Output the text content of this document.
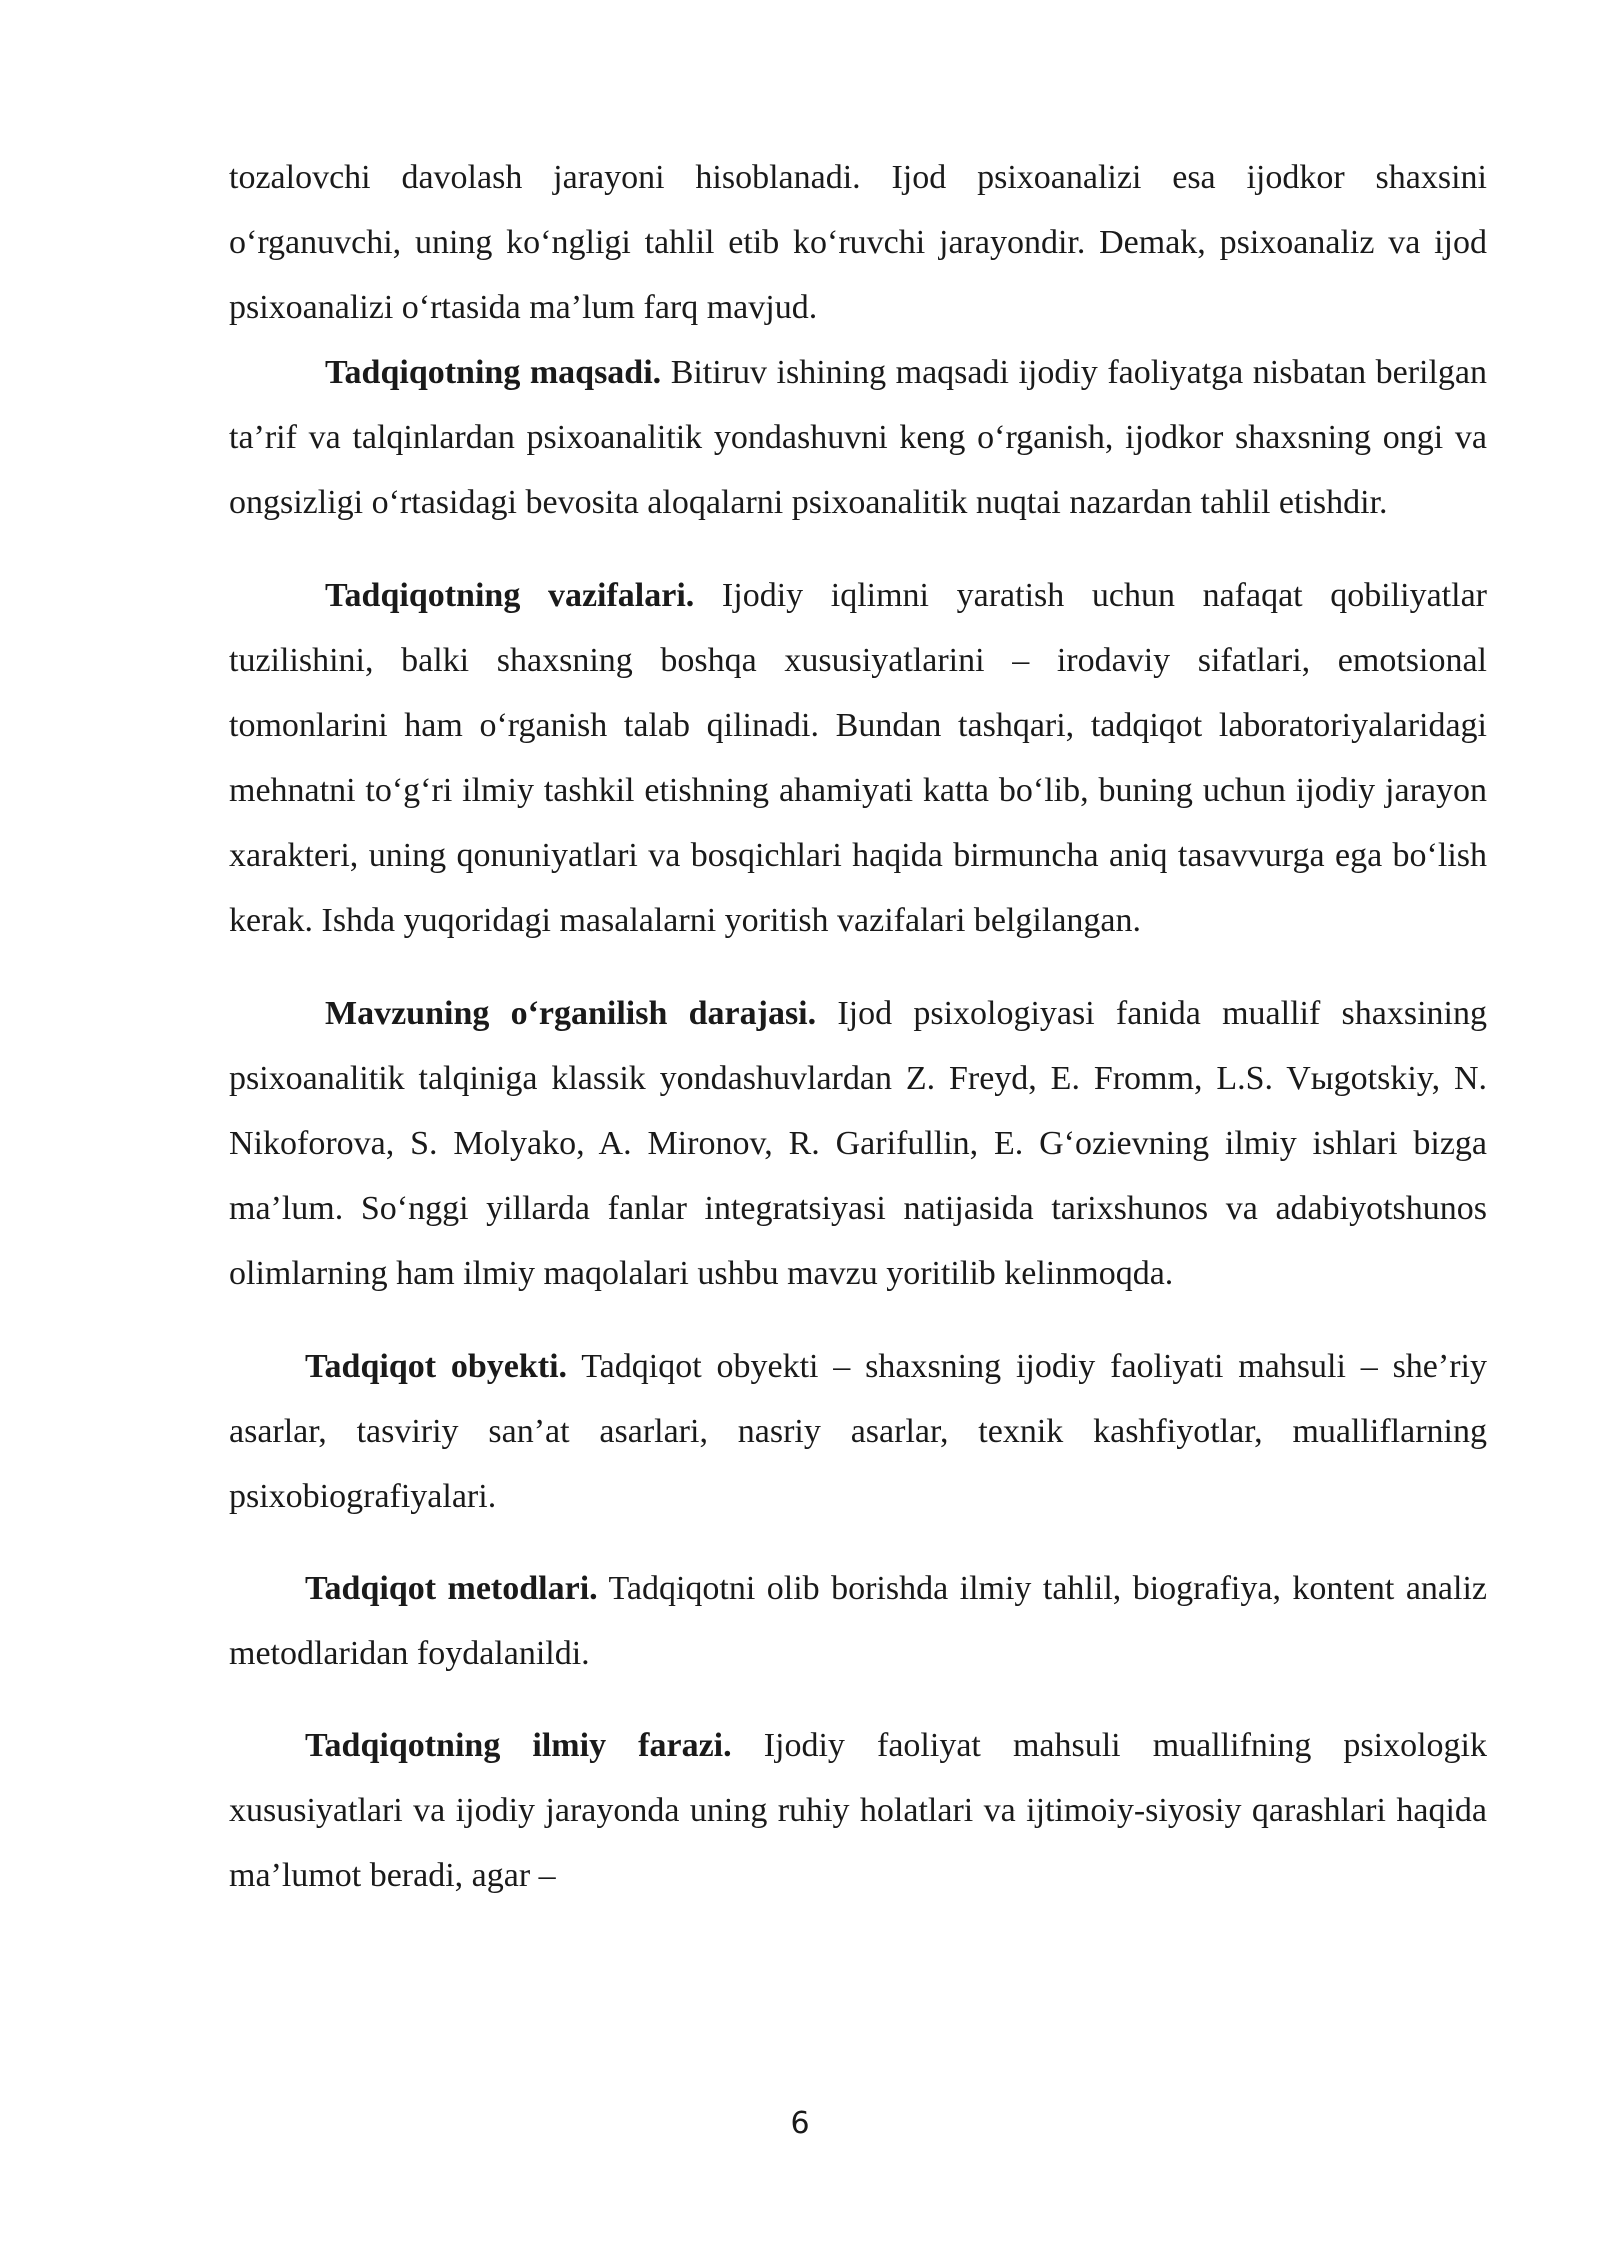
tozalovchi davolash jarayoni hisoblanadi. Ijod psixoanalizi esa ijodkor shaxsini o‘rganuvchi, uning ko‘ngligi tahlil etib ko‘ruvchi jarayondir. Demak, psixoanaliz va ijod psixoanalizi o‘rtasida ma’lum farq mavjud.

Tadqiqotning maqsadi. Bitiruv ishining maqsadi ijodiy faoliyatga nisbatan berilgan ta’rif va talqinlardan psixoanalitik yondashuvni keng o‘rganish, ijodkor shaxsning ongi va ongsizligi o‘rtasidagi bevosita aloqalarni psixoanalitik nuqtai nazardan tahlil etishdir.

Tadqiqotning vazifalari. Ijodiy iqlimni yaratish uchun nafaqat qobiliyatlar tuzilishini, balki shaxsning boshqa xususiyatlarini – irodaviy sifatlari, emotsional tomonlarini ham o‘rganish talab qilinadi. Bundan tashqari, tadqiqot laboratoriyalaridagi mehnatni to‘g‘ri ilmiy tashkil etishning ahamiyati katta bo‘lib, buning uchun ijodiy jarayon xarakteri, uning qonuniyatlari va bosqichlari haqida birmuncha aniq tasavvurga ega bo‘lish kerak. Ishda yuqoridagi masalalarni yoritish vazifalari belgilangan.

Mavzuning o‘rganilish darajasi. Ijod psixologiyasi fanida muallif shaxsining psixoanalitik talqiniga klassik yondashuvlardan Z. Freyd, E. Fromm, L.S. Vыgotskiy, N. Nikoforova, S. Molyako, A. Mironov, R. Garifullin, E. G‘ozievning ilmiy ishlari bizga ma’lum. So‘nggi yillarda fanlar integratsiyasi natijasida tarixshunos va adabiyotshunos olimlarning ham ilmiy maqolalari ushbu mavzu yoritilib kelinmoqda.

Tadqiqot obyekti. Tadqiqot obyekti – shaxsning ijodiy faoliyati mahsuli – she’riy asarlar, tasviriy san’at asarlari, nasriy asarlar, texnik kashfiyotlar, mualliflarning psixobiografiyalari.

Tadqiqot metodlari. Tadqiqotni olib borishda ilmiy tahlil, biografiya, kontent analiz metodlaridan foydalanildi.

Tadqiqotning ilmiy farazi. Ijodiy faoliyat mahsuli muallifning psixologik xususiyatlari va ijodiy jarayonda uning ruhiy holatlari va ijtimoiy-siyosiy qarashlari haqida ma’lumot beradi, agar –

6
